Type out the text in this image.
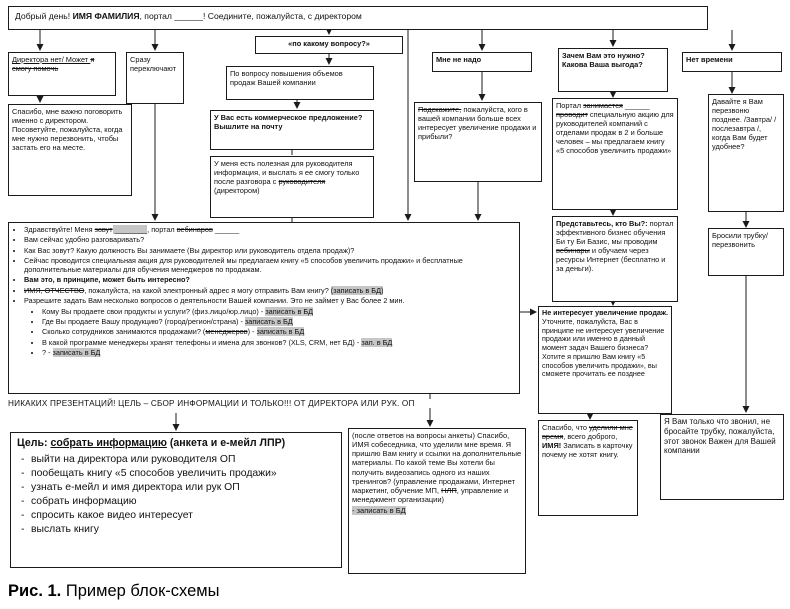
Добрый день! ИМЯ ФАМИЛИЯ, портал ______! Соедините, пожалуйста, с директором
Директора нет/ Может я смогу помочь
Сразу переключают
«по какому вопросу?»
Мне не надо	Зачем Вам это нужно? Какова Ваша выгода?
Нет времени
Спасибо, мне важно поговорить именно с директором. Посоветуйте, пожалуйста, когда мне нужно перезвонить, чтобы застать его на месте.
По вопросу повышения объемов продаж Вашей компании
У Вас есть коммерческое предложение? Вышлите на почту
Подскажите, пожалуйста, кого в вашей компании больше всех интересует увеличение продажи и прибыли?
Портал занимается ______ проводит специальную акцию для руководителей компаний с отделами продаж в 2 и больше человек – мы предлагаем книгу «5 способов увеличить продажи»
Давайте я Вам перезвоню позднее. /Завтра/ /послезавтра /, когда Вам будет удобнее?
У меня есть полезная для руководителя информация, и выслать я ее смогу только после разговора с руководителя (директором)
Представьтесь, кто Вы?: портал эффективного бизнес обучения Би ту Би Базис, мы проводим вебинары и обучаем через ресурсы Интернет (бесплатно и за деньги).
Бросили трубку/ перезвонить
• Здравствуйте! Меня зовут ________, портал вебинаров ______
• Вам сейчас удобно разговаривать?
• Как Вас зовут? Какую должность Вы занимаете (Вы директор или руководитель отдела продаж)?
• Сейчас проводится специальная акция для руководителей мы предлагаем книгу «5 способов увеличить продажи» и бесплатные дополнительные материалы для обучения менеджеров по продажам.
• Вам это, в принципе, может быть интересно?
• ИМЯ, ОТЧЕСТВО, пожалуйста, на какой электронный адрес я могу отправить Вам книгу? (записать в БД)
• Разрешите задать Вам несколько вопросов о деятельности Вашей компании. Это не займет у Вас более 2 мин.
• Кому Вы продаете свои продукты и услуги? (физ.лицо/юр.лицо) - записать в БД
• Где Вы продаете Вашу продукцию? (город/регион/страна) - записать в БД
• Сколько сотрудников занимаются продажами? (менеджеров) - записать в БД
• В какой программе менеджеры хранят телефоны и имена для звонков? (XLS, CRM, нет БД) - зап. в БД
• ? - записать в БД
НИКАКИХ ПРЕЗЕНТАЦИЙ! ЦЕЛЬ – СБОР ИНФОРМАЦИИ И ТОЛЬКО!!! ОТ ДИРЕКТОРА ИЛИ РУК. ОП
Не интересует увеличение продаж. Уточните, пожалуйста, Вас в принципе не интересует увеличение продажи или именно в данный момент задач Вашего бизнеса? Хотите я пришлю Вам книгу «5 способов увеличить продажи», вы сможете прочитать ее позднее
Спасибо, что уделили мне время, всего доброго, ИМЯ! Записать в карточку почему не хотят книгу.
Я Вам только что звонил, не бросайте трубку, пожалуйста, этот звонок Важен для Вашей компании
Цель: собрать информацию (анкета и е-мейл ЛПР)
- выйти на директора или руководителя ОП
- пообещать книгу «5 способов увеличить продажи»
- узнать е-мейл и имя директора или рук ОП
- собрать информацию
- спросить какое видео интересует
- выслать книгу
(после ответов на вопросы анкеты) Спасибо, ИМЯ собеседника, что уделили мне время. Я пришлю Вам книгу и ссылки на дополнительные материалы. По какой теме Вы хотели бы получить видеозапись одного из наших тренингов? (управление продажами, Интернет маркетинг, обучение МП, НЛП, управление и менеджмент организации)
- записать в БД
Рис. 1. Пример блок-схемы
